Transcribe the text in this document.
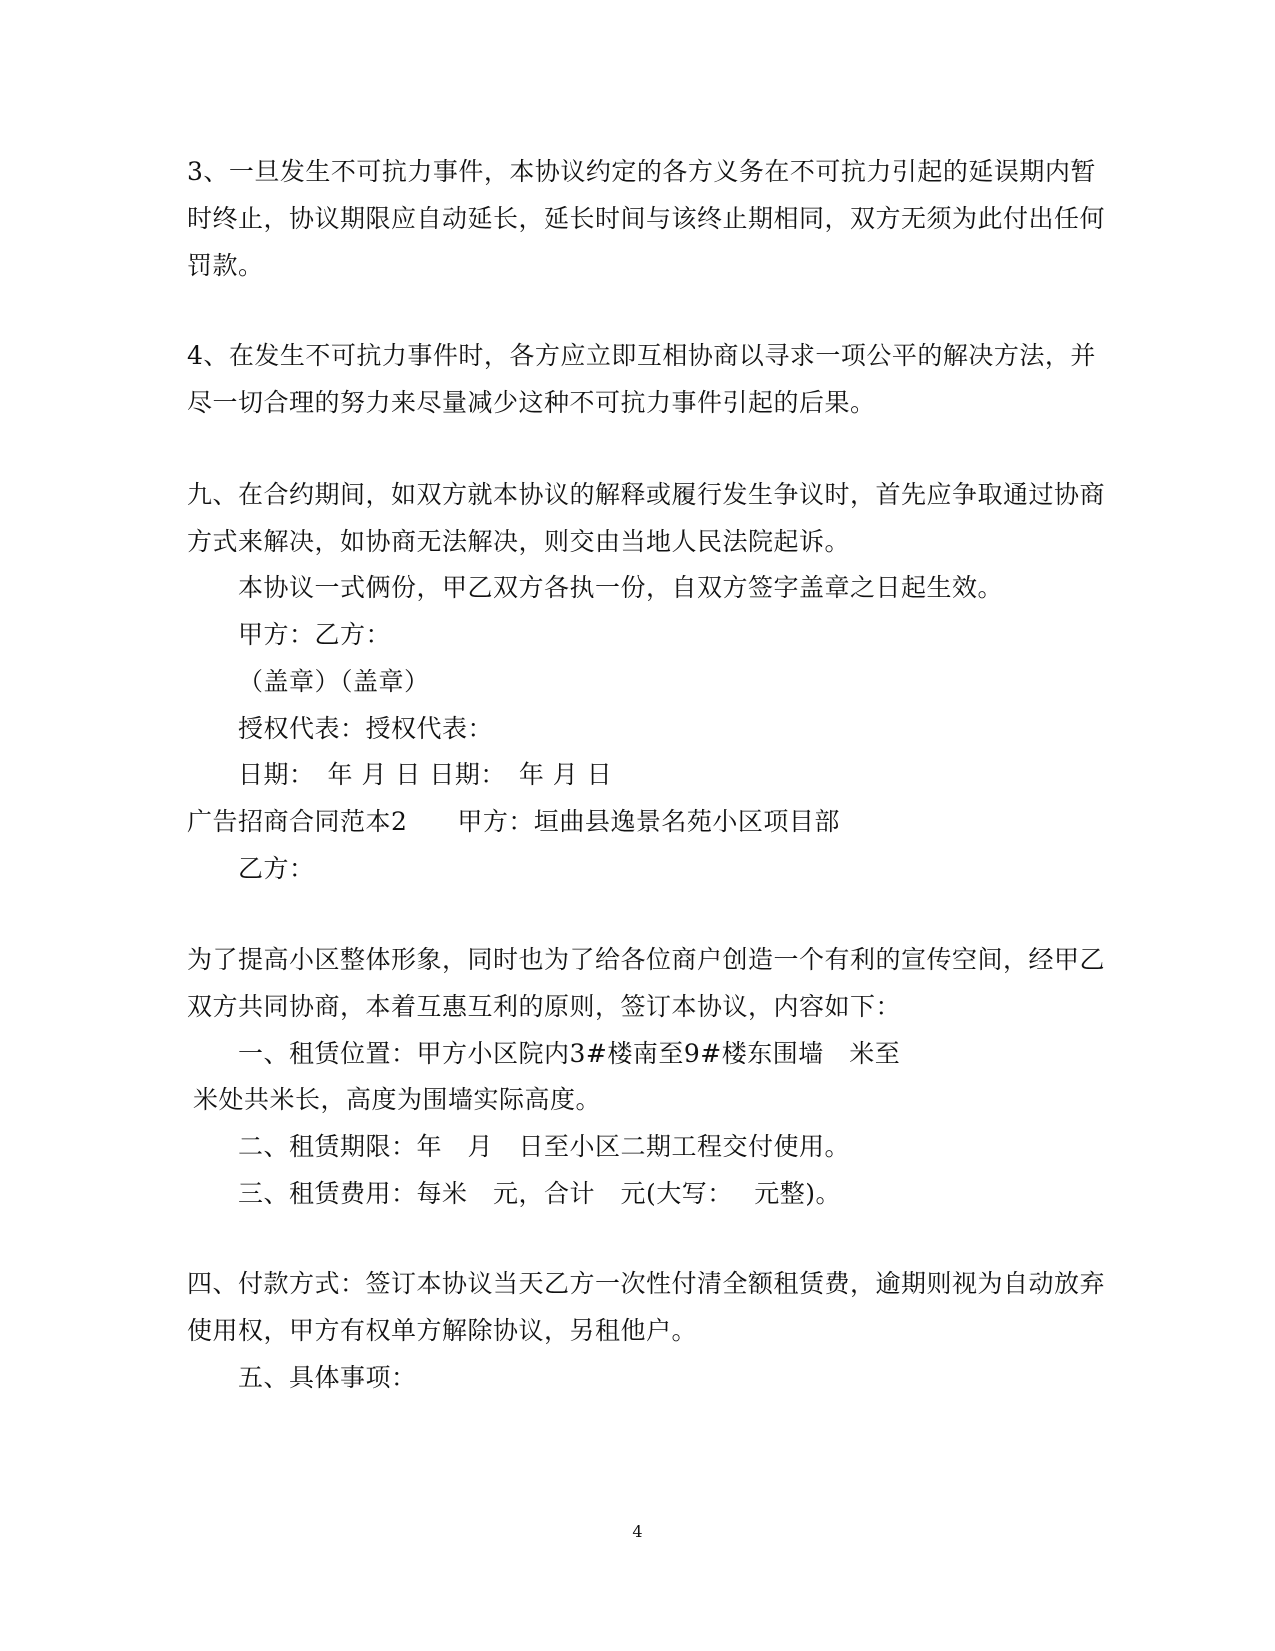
3、一旦发生不可抗力事件，本协议约定的各方义务在不可抗力引起的延误期内暂
时终止，协议期限应自动延长，延长时间与该终止期相同，双方无须为此付出任何
罚款。
4、在发生不可抗力事件时，各方应立即互相协商以寻求一项公平的解决方法，并
尽一切合理的努力来尽量减少这种不可抗力事件引起的后果。
九、在合约期间，如双方就本协议的解释或履行发生争议时，首先应争取通过协商
方式来解决，如协商无法解决，则交由当地人民法院起诉。
本协议一式俩份，甲乙双方各执一份，自双方签字盖章之日起生效。
甲方：乙方：
（盖章）（盖章）
授权代表：授权代表：
日期：　年 月 日 日期：　年 月 日
广告招商合同范本2 甲方：垣曲县逸景名苑小区项目部
乙方：
为了提高小区整体形象，同时也为了给各位商户创造一个有利的宣传空间，经甲乙
双方共同协商，本着互惠互利的原则，签订本协议，内容如下：
一、租赁位置：甲方小区院内3#楼南至9#楼东围墙　米至
米处共米长，高度为围墙实际高度。
二、租赁期限：年　月　日至小区二期工程交付使用。
三、租赁费用：每米　元，合计　元(大写：　 元整)。
四、付款方式：签订本协议当天乙方一次性付清全额租赁费，逾期则视为自动放弃
使用权，甲方有权单方解除协议，另租他户。
五、具体事项：
4
